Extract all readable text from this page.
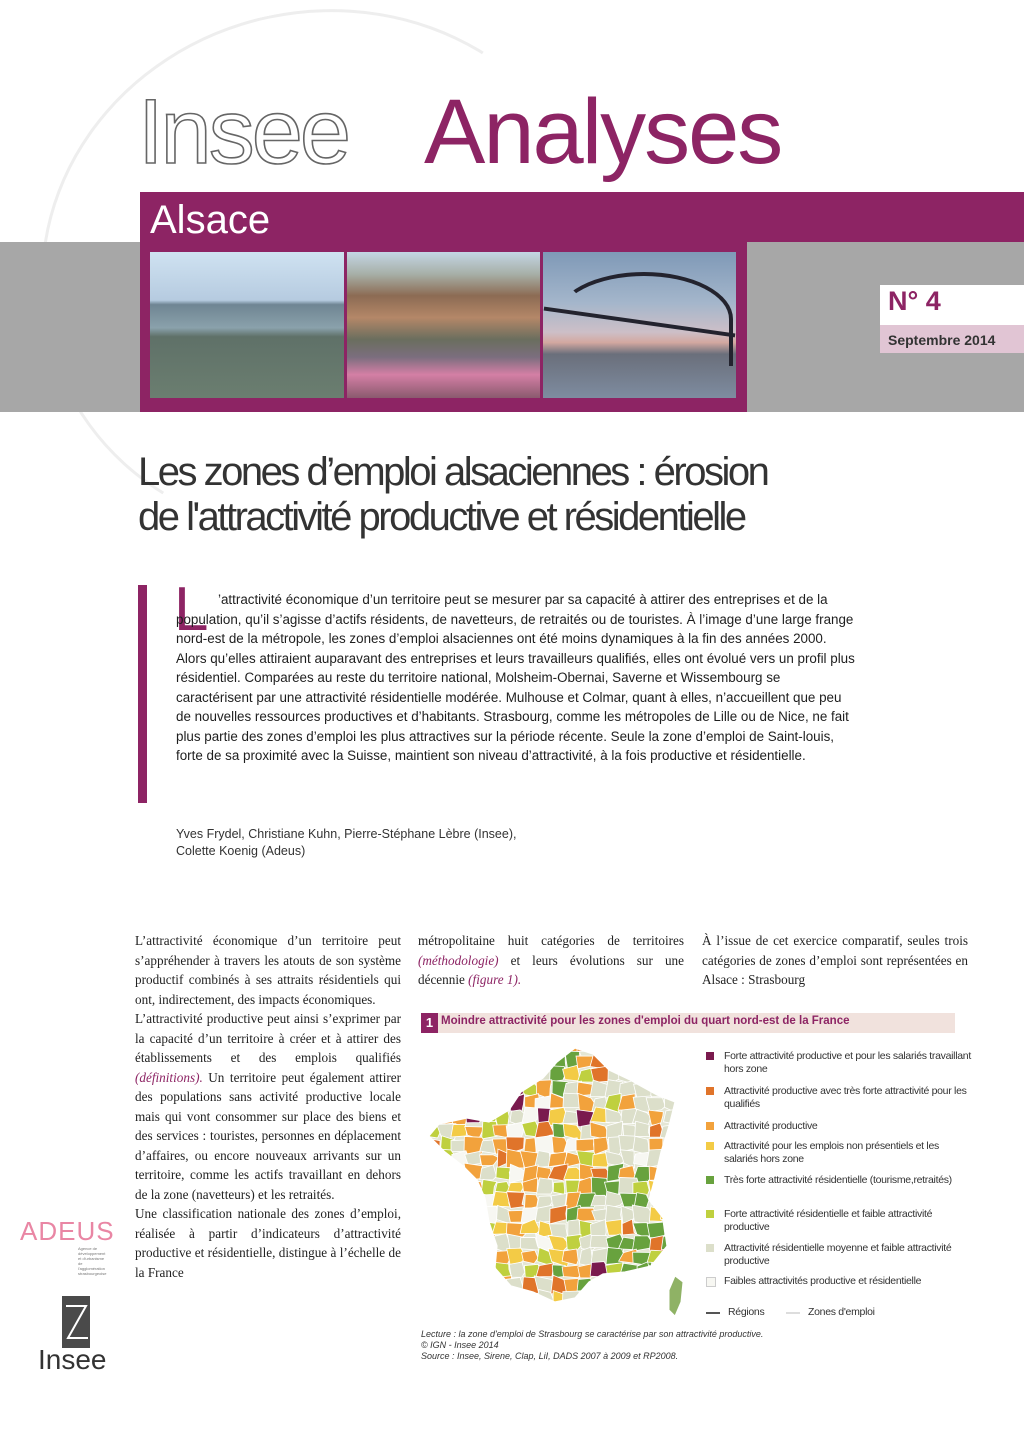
Insee Analyses
Alsace
N° 4
Septembre 2014
Les zones d’emploi alsaciennes : érosion
de l'attractivité productive et résidentielle
L ’attractivité économique d’un territoire peut se mesurer par sa capacité à attirer des entreprises et de la population, qu’il s’agisse d’actifs résidents, de navetteurs, de retraités ou de touristes. À l’image d’une large frange nord-est de la métropole, les zones d’emploi alsaciennes ont été moins dynamiques à la fin des années 2000. Alors qu’elles attiraient auparavant des entreprises et leurs travailleurs qualifiés, elles ont évolué vers un profil plus résidentiel. Comparées au reste du territoire national, Molsheim-Obernai, Saverne et Wissembourg se caractérisent par une attractivité résidentielle modérée. Mulhouse et Colmar, quant à elles, n’accueillent que peu de nouvelles ressources productives et d’habitants. Strasbourg, comme les métropoles de Lille ou de Nice, ne fait plus partie des zones d’emploi les plus attractives sur la période récente. Seule la zone d’emploi de Saint-louis, forte de sa proximité avec la Suisse, maintient son niveau d’attractivité, à la fois productive et résidentielle.
Yves Frydel, Christiane Kuhn, Pierre-Stéphane Lèbre (Insee),
Colette Koenig (Adeus)

L’attractivité économique d’un territoire peut s’appréhender à travers les atouts de son système productif combinés à ses attraits résidentiels qui ont, indirectement, des impacts économiques.

L’attractivité productive peut ainsi s’exprimer par la capacité d’un territoire à créer et à attirer des établissements et des emplois qualifiés (définitions). Un territoire peut également attirer des populations sans activité productive locale mais qui vont consommer sur place des biens et des services : touristes, personnes en déplacement d’affaires, ou encore nouveaux arrivants sur un territoire, comme les actifs travaillant en dehors de la zone (navetteurs) et les retraités.

Une classification nationale des zones d’emploi, réalisée à partir d’indicateurs d’attractivité productive et résidentielle, distingue à l’échelle de la France

métropolitaine huit catégories de territoires (méthodologie) et leurs évolutions sur une décennie (figure 1).

À l’issue de cet exercice comparatif, seules trois catégories de zones d’emploi sont représentées en Alsace : Strasbourg

1 Moindre attractivité pour les zones d'emploi du quart nord-est de la France
Forte attractivité productive et pour les salariés travaillant hors zone
Attractivité productive avec très forte attractivité pour les qualifiés
Attractivité productive
Attractivité pour les emplois non présentiels et les salariés hors zone
Très forte attractivité résidentielle (tourisme,retraités)
Forte attractivité résidentielle et faible attractivité productive
Attractivité résidentielle moyenne et faible attractivité productive
Faibles attractivités productive et résidentielle
Régions	Zones d'emploi
Lecture : la zone d'emploi de Strasbourg se caractérise par son attractivité productive.
© IGN - Insee 2014
Source : Insee, Sirene, Clap, LiI, DADS 2007 à 2009 et RP2008.
ADEUS
Agence de développement et d'urbanisme de l'agglomération strasbourgeoise
Insee
